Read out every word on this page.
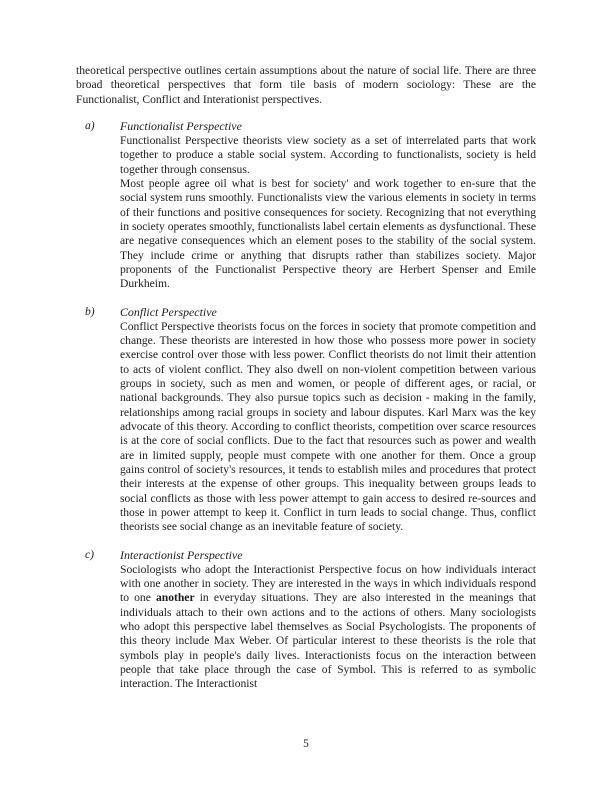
theoretical perspective outlines certain assumptions about the nature of social life. There are three broad theoretical perspectives that form tile basis of modern sociology: These are the Functionalist, Conflict and Interationist perspectives.

a)	Functionalist Perspective

Functionalist Perspective theorists view society as a set of interrelated parts that work together to produce a stable social system. According to functionalists, society is held together through consensus.

Most people agree oil what is best for society' and work together to en-sure that the social system runs smoothly. Functionalists view the various elements in society in terms of their functions and positive consequences for society. Recognizing that not everything in society operates smoothly, functionalists label certain elements as dysfunctional. These are negative consequences which an element poses to the stability of the social system. They include crime or anything that disrupts rather than stabilizes society. Major proponents of the Functionalist Perspective theory are Herbert Spenser and Emile Durkheim.

b)	Conflict Perspective

Conflict Perspective theorists focus on the forces in society that promote competition and change. These theorists are interested in how those who possess more power in society exercise control over those with less power. Conflict theorists do not limit their attention to acts of violent conflict. They also dwell on non-violent competition between various groups in society, such as men and women, or people of different ages, or racial, or national backgrounds. They also pursue topics such as decision - making in the family, relationships among racial groups in society and labour disputes. Karl Marx was the key advocate of this theory. According to conflict theorists, competition over scarce resources is at the core of social conflicts. Due to the fact that resources such as power and wealth are in limited supply, people must compete with one another for them. Once a group gains control of society's resources, it tends to establish miles and procedures that protect their interests at the expense of other groups. This inequality between groups leads to social conflicts as those with less power attempt to gain access to desired re-sources and those in power attempt to keep it. Conflict in turn leads to social change. Thus, conflict theorists see social change as an inevitable feature of society.

c)	Interactionist Perspective

Sociologists who adopt the Interactionist Perspective focus on how individuals interact with one another in society. They are interested in the ways in which individuals respond to one another in everyday situations. They are also interested in the meanings that individuals attach to their own actions and to the actions of others. Many sociologists who adopt this perspective label themselves as Social Psychologists. The proponents of this theory include Max Weber. Of particular interest to these theorists is the role that symbols play in people's daily lives. Interactionists focus on the interaction between people that take place through the case of Symbol. This is referred to as symbolic interaction. The Interactionist

5
